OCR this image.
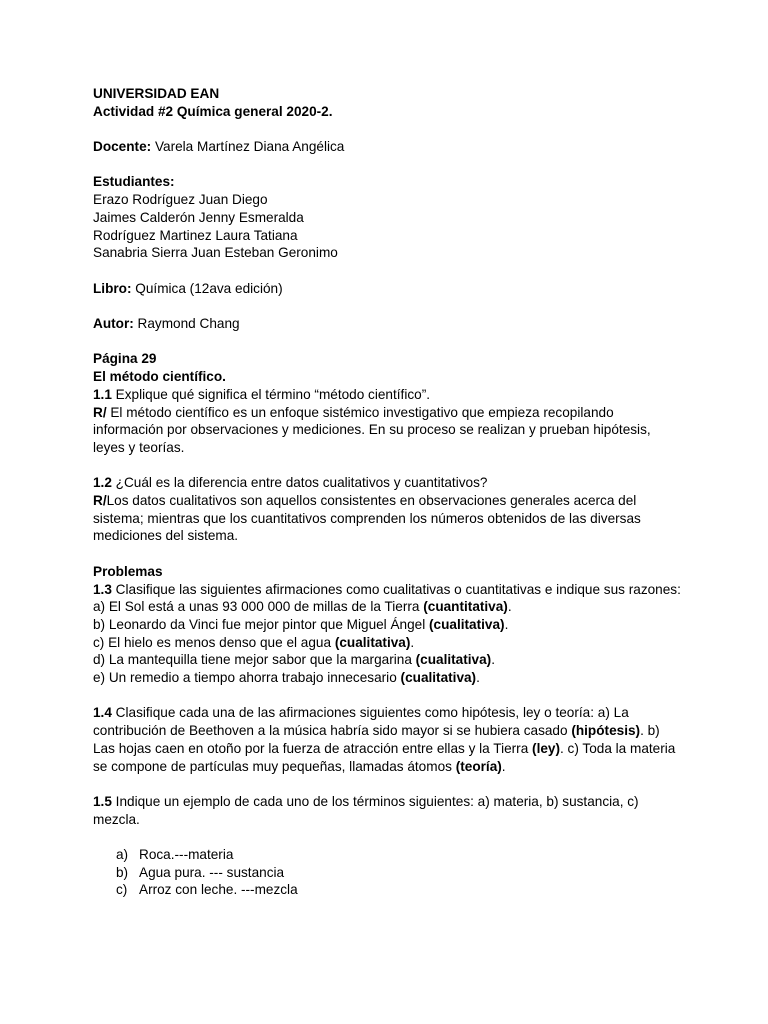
UNIVERSIDAD EAN
Actividad #2 Química general 2020-2.
Docente: Varela Martínez Diana Angélica
Estudiantes:
Erazo Rodríguez Juan Diego
Jaimes Calderón Jenny Esmeralda
Rodríguez Martinez Laura Tatiana
Sanabria Sierra Juan Esteban Geronimo
Libro: Química (12ava edición)
Autor: Raymond Chang
Página 29
El método científico.
1.1 Explique qué significa el término “método científico”.
R/ El método científico es un enfoque sistémico investigativo que empieza recopilando información por observaciones y mediciones. En su proceso se realizan y prueban hipótesis, leyes y teorías.
1.2 ¿Cuál es la diferencia entre datos cualitativos y cuantitativos?
R/Los datos cualitativos son aquellos consistentes en observaciones generales acerca del sistema; mientras que los cuantitativos comprenden los números obtenidos de las diversas mediciones del sistema.
Problemas
1.3 Clasifique las siguientes afirmaciones como cualitativas o cuantitativas e indique sus razones:
a) El Sol está a unas 93 000 000 de millas de la Tierra (cuantitativa).
b) Leonardo da Vinci fue mejor pintor que Miguel Ángel (cualitativa).
c) El hielo es menos denso que el agua (cualitativa).
d) La mantequilla tiene mejor sabor que la margarina (cualitativa).
e) Un remedio a tiempo ahorra trabajo innecesario (cualitativa).
1.4 Clasifique cada una de las afirmaciones siguientes como hipótesis, ley o teoría: a) La contribución de Beethoven a la música habría sido mayor si se hubiera casado (hipótesis). b) Las hojas caen en otoño por la fuerza de atracción entre ellas y la Tierra (ley). c) Toda la materia se compone de partículas muy pequeñas, llamadas átomos (teoría).
1.5 Indique un ejemplo de cada uno de los términos siguientes: a) materia, b) sustancia, c) mezcla.
a) Roca.---materia
b) Agua pura. --- sustancia
c) Arroz con leche. ---mezcla
